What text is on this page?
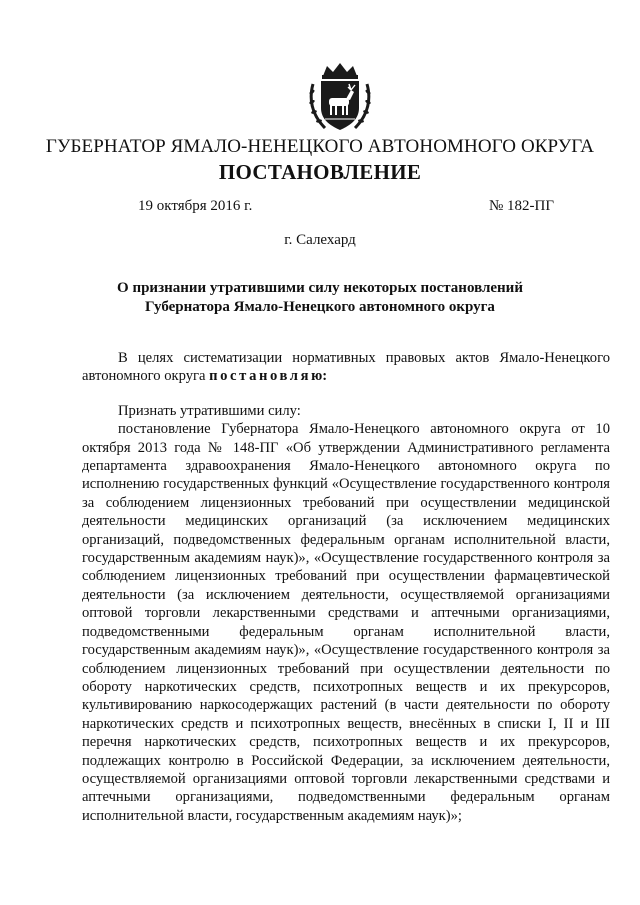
ГУБЕРНАТОР ЯМАЛО-НЕНЕЦКОГО АВТОНОМНОГО ОКРУГА
ПОСТАНОВЛЕНИЕ
19 октября 2016 г.	№ 182-ПГ
г. Салехард
О признании утратившими силу некоторых постановлений
Губернатора Ямало-Ненецкого автономного округа

В целях систематизации нормативных правовых актов Ямало-Ненецкого автономного округа постановляю:

Признать утратившими силу:

постановление Губернатора Ямало-Ненецкого автономного округа от 10 октября 2013 года № 148-ПГ «Об утверждении Административного регламента департамента здравоохранения Ямало-Ненецкого автономного округа по исполнению государственных функций «Осуществление государственного контроля за соблюдением лицензионных требований при осуществлении медицинской деятельности медицинских организаций (за исключением медицинских организаций, подведомственных федеральным органам исполнительной власти, государственным академиям наук)», «Осуществление государственного контроля за соблюдением лицензионных требований при осуществлении фармацевтической деятельности (за исключением деятельности, осуществляемой организациями оптовой торговли лекарственными средствами и аптечными организациями, подведомственными федеральным органам исполнительной власти, государственным академиям наук)», «Осуществление государственного контроля за соблюдением лицензионных требований при осуществлении деятельности по обороту наркотических средств, психотропных веществ и их прекурсоров, культивированию наркосодержащих растений (в части деятельности по обороту наркотических средств и психотропных веществ, внесённых в списки I, II и III перечня наркотических средств, психотропных веществ и их прекурсоров, подлежащих контролю в Российской Федерации, за исключением деятельности, осуществляемой организациями оптовой торговли лекарственными средствами и аптечными организациями, подведомственными федеральным органам исполнительной власти, государственным академиям наук)»;
